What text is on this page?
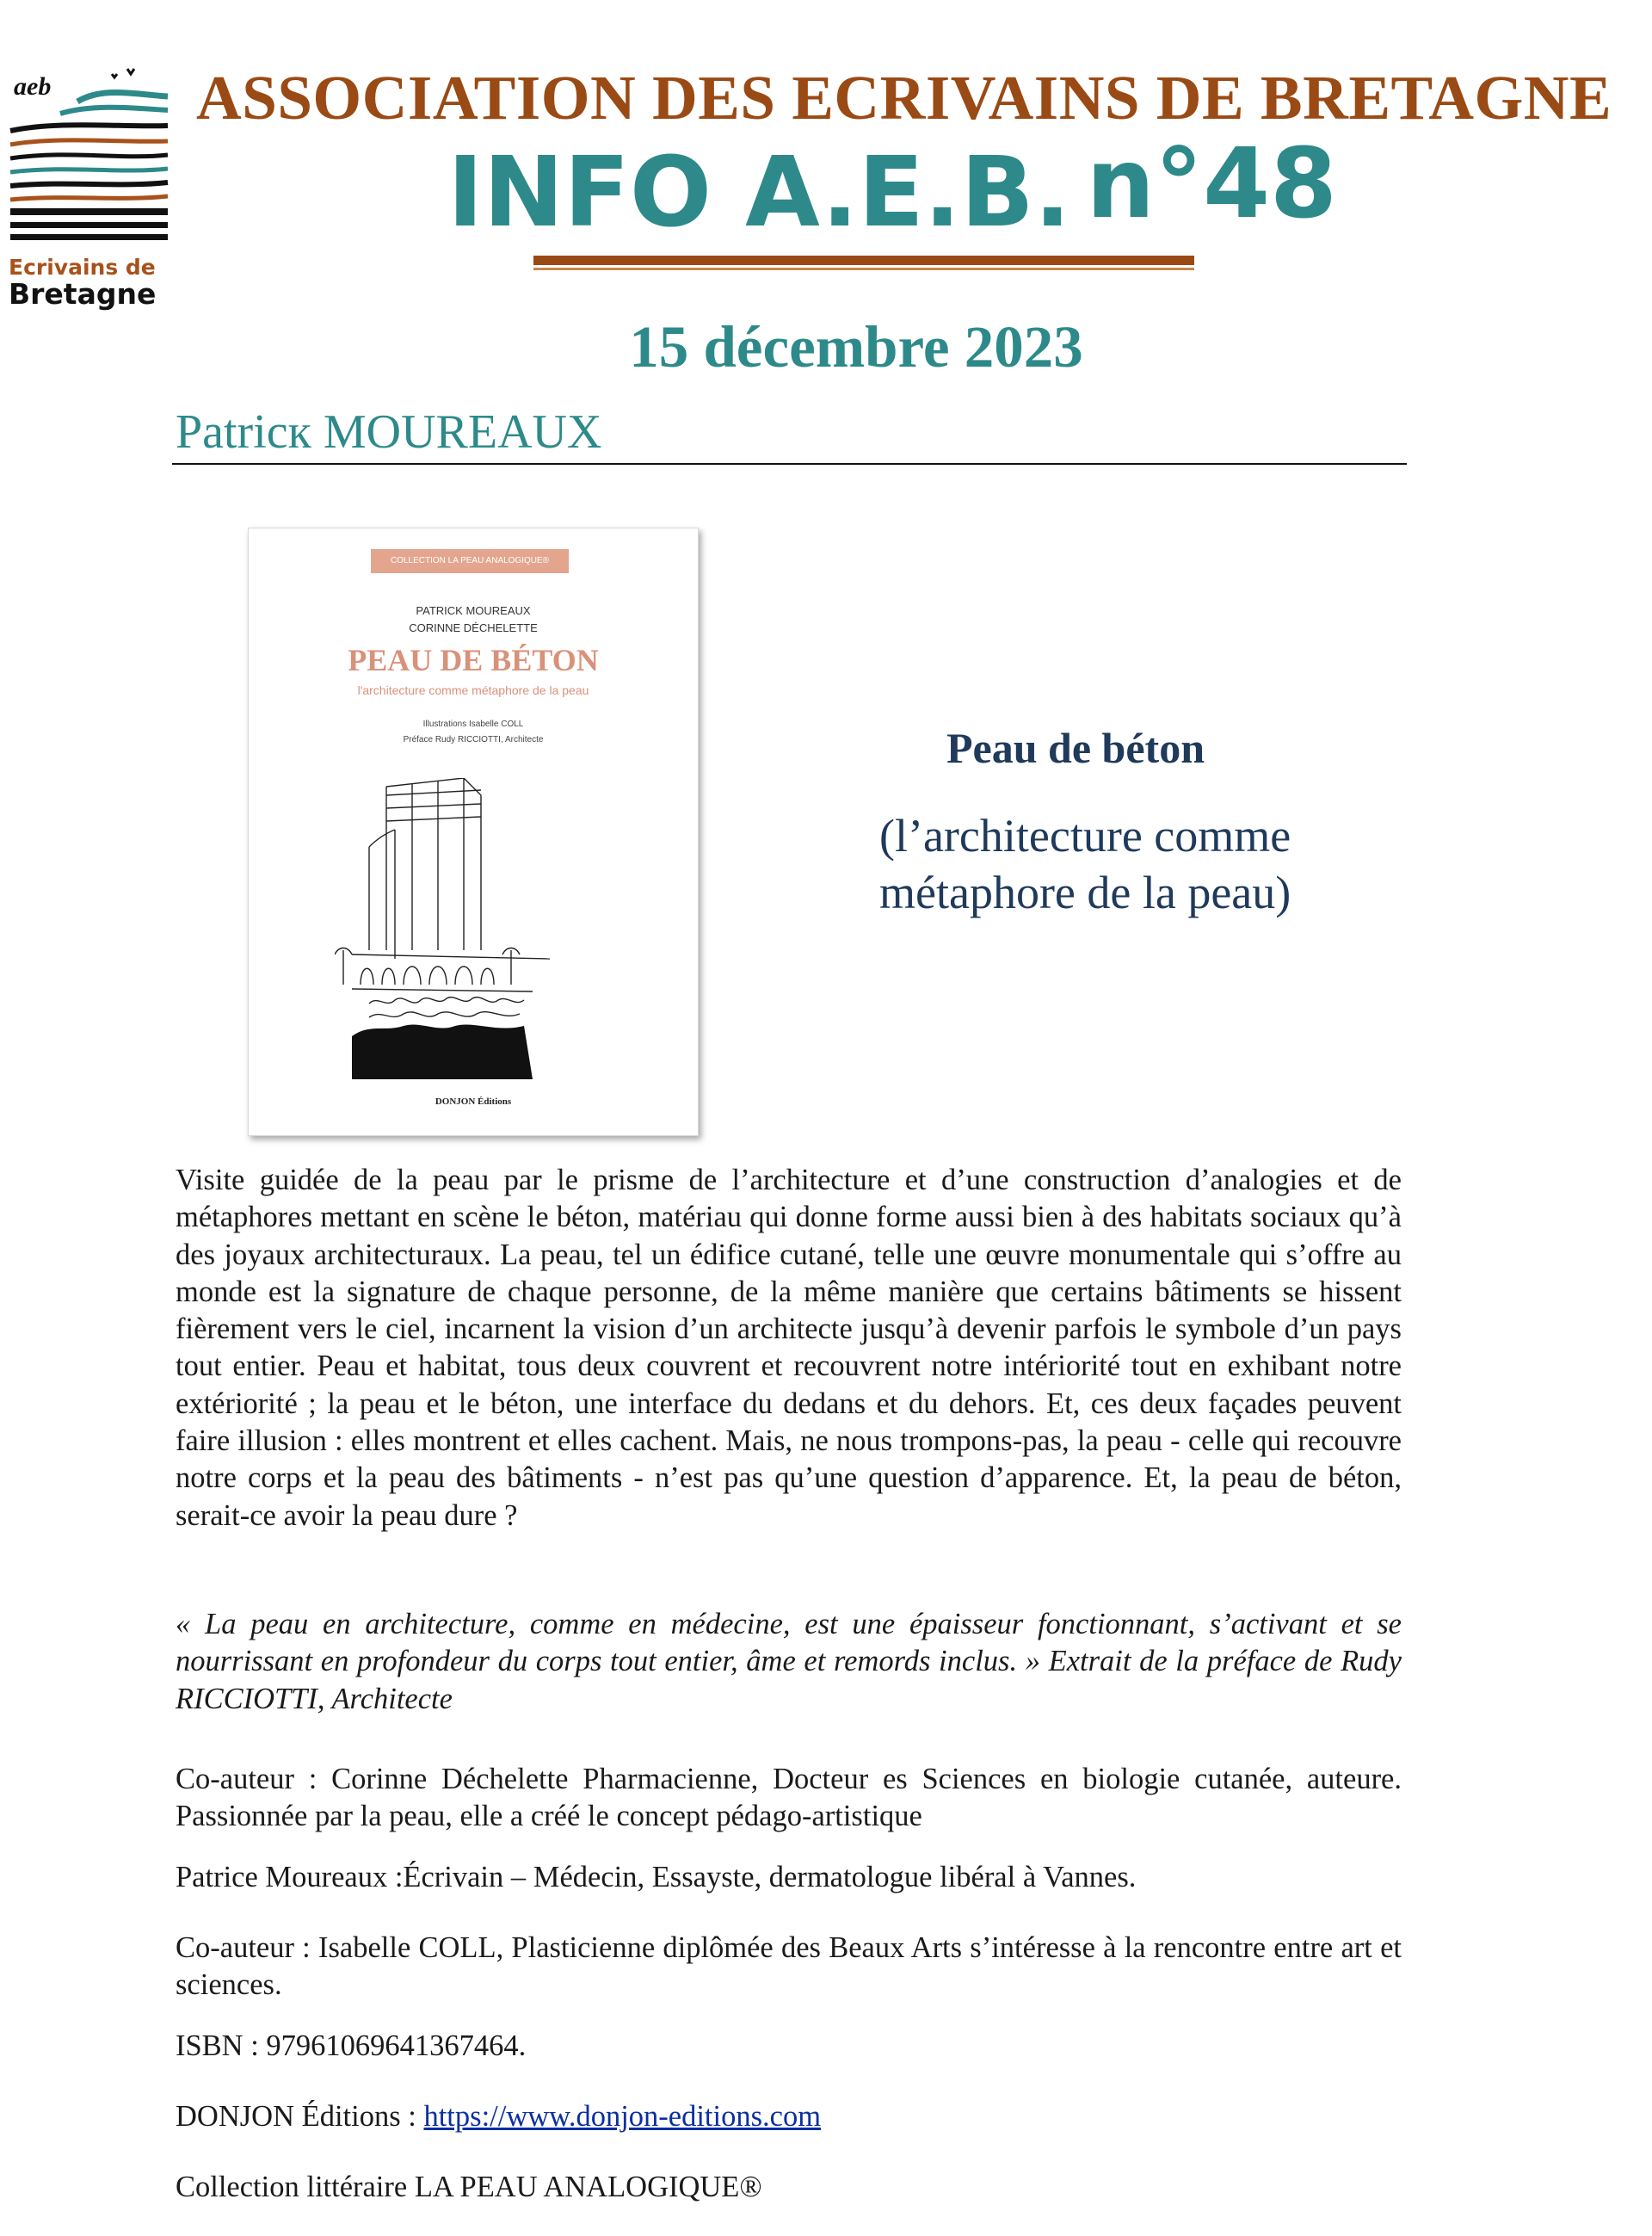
aeb
Ecrivains de
Bretagne
ASSOCIATION DES ECRIVAINS DE BRETAGNE
INFO A.E.B. n°48
15 décembre 2023
Patricк MOUREAUX
COLLECTION LA PEAU ANALOGIQUE®
PATRICK MOUREAUX
CORINNE DÉCHELETTE
PEAU DE BÉTON
l'architecture comme métaphore de la peau
Illustrations Isabelle COLL
Préface Rudy RICCIOTTI, Architecte
DONJON Éditions
Peau de béton
(l’architecture comme
métaphore de la peau)
Visite guidée de la peau par le prisme de l’architecture et d’une construction d’analogies et de métaphores mettant en scène le béton, matériau qui donne forme aussi bien à des habitats sociaux qu’à des joyaux architecturaux. La peau, tel un édifice cutané, telle une œuvre monumentale qui s’offre au monde est la signature de chaque personne, de la même manière que certains bâtiments se hissent fièrement vers le ciel, incarnent la vision d’un architecte jusqu’à devenir parfois le symbole d’un pays tout entier. Peau et habitat, tous deux couvrent et recouvrent notre intériorité tout en exhibant notre extériorité ; la peau et le béton, une interface du dedans et du dehors. Et, ces deux façades peuvent faire illusion : elles montrent et elles cachent. Mais, ne nous trompons-pas, la peau - celle qui recouvre notre corps et la peau des bâtiments - n’est pas qu’une question d’apparence. Et, la peau de béton, serait-ce avoir la peau dure ?
« La peau en architecture, comme en médecine, est une épaisseur fonctionnant, s’activant et se nourrissant en profondeur du corps tout entier, âme et remords inclus. » Extrait de la préface de Rudy RICCIOTTI, Architecte
Co-auteur : Corinne Déchelette Pharmacienne, Docteur es Sciences en biologie cutanée, auteure. Passionnée par la peau, elle a créé le concept pédago-artistique
Patrice Moureaux :Écrivain – Médecin, Essayste, dermatologue libéral à Vannes.
Co-auteur : Isabelle COLL, Plasticienne diplômée des Beaux Arts s’intéresse à la rencontre entre art et sciences.
ISBN : 97961069641367464.
DONJON Éditions : https://www.donjon-editions.com
Collection littéraire LA PEAU ANALOGIQUE®
